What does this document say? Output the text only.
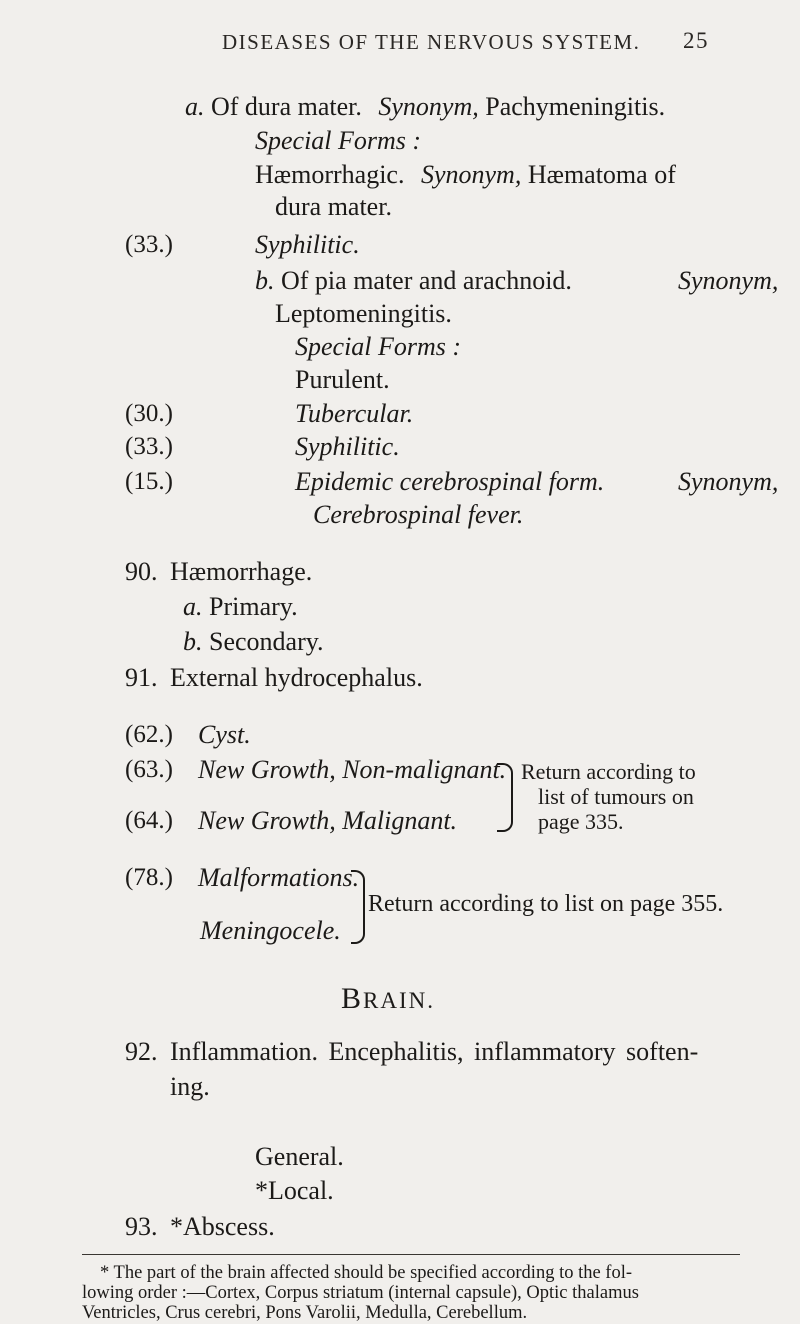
DISEASES OF THE NERVOUS SYSTEM. 25
a. Of dura mater. Synonym, Pachymeningitis.
Special Forms :
Hæmorrhagic. Synonym, Hæmatoma of
dura mater.
(33.)	Syphilitic.
b. Of pia mater and arachnoid.	Synonym,
Leptomeningitis.
Special Forms :
Purulent.
(30.)	Tubercular.
(33.)	Syphilitic.
(15.)	Epidemic cerebrospinal form.	Synonym,
Cerebrospinal fever.
90. Hæmorrhage.
a. Primary.
b. Secondary.
91. External hydrocephalus.
(62.) Cyst.
(63.) New Growth, Non-malignant.
(64.) New Growth, Malignant.
Return according to
list of tumours on
page 335.
(78.) Malformations.
Meningocele.
Return according to list on page 355.
BRAIN.
92. Inflammation. Encephalitis, inflammatory soften-
ing.
General.
*Local.
93. *Abscess.
* The part of the brain affected should be specified according to the fol-
lowing order :—Cortex, Corpus striatum (internal capsule), Optic thalamus
Ventricles, Crus cerebri, Pons Varolii, Medulla, Cerebellum.
